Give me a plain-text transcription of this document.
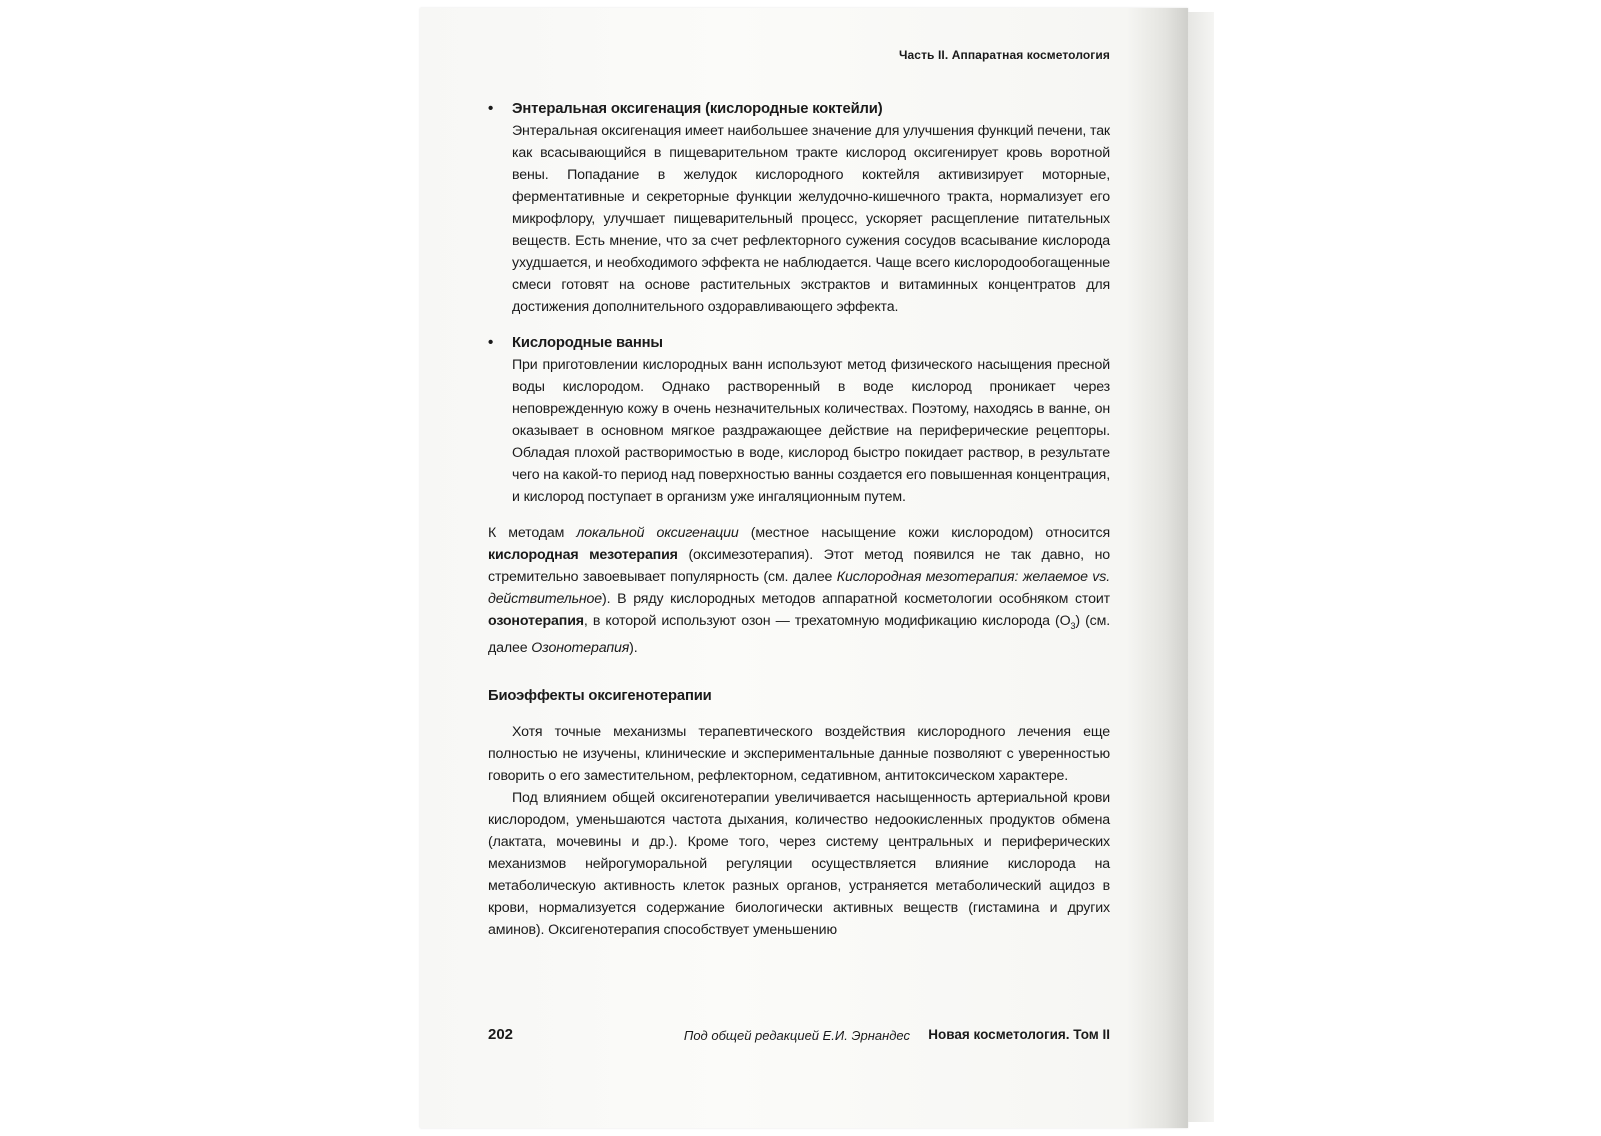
Часть II. Аппаратная косметология
• Энтеральная оксигенация (кислородные коктейли)

Энтеральная оксигенация имеет наибольшее значение для улучшения функций печени, так как всасывающийся в пищеварительном тракте кислород оксигенирует кровь воротной вены. Попадание в желудок кислородного коктейля активизирует моторные, ферментативные и секреторные функции желудочно-кишечного тракта, нормализует его микрофлору, улучшает пищеварительный процесс, ускоряет расщепление питательных веществ. Есть мнение, что за счет рефлекторного сужения сосудов всасывание кислорода ухудшается, и необходимого эффекта не наблюдается. Чаще всего кислородообогащенные смеси готовят на основе растительных экстрактов и витаминных концентратов для достижения дополнительного оздоравливающего эффекта.

• Кислородные ванны

При приготовлении кислородных ванн используют метод физического насыщения пресной воды кислородом. Однако растворенный в воде кислород проникает через неповрежденную кожу в очень незначительных количествах. Поэтому, находясь в ванне, он оказывает в основном мягкое раздражающее действие на периферические рецепторы. Обладая плохой растворимостью в воде, кислород быстро покидает раствор, в результате чего на какой-то период над поверхностью ванны создается его повышенная концентрация, и кислород поступает в организм уже ингаляционным путем.

К методам локальной оксигенации (местное насыщение кожи кислородом) относится кислородная мезотерапия (оксимезотерапия). Этот метод появился не так давно, но стремительно завоевывает популярность (см. далее Кислородная мезотерапия: желаемое vs. действительное). В ряду кислородных методов аппаратной косметологии особняком стоит озонотерапия, в которой используют озон — трехатомную модификацию кислорода $(O_3)$ (см. далее Озонотерапия).

Биоэффекты оксигенотерапии

Хотя точные механизмы терапевтического воздействия кислородного лечения еще полностью не изучены, клинические и экспериментальные данные позволяют с уверенностью говорить о его заместительном, рефлекторном, седативном, антитоксическом характере.

Под влиянием общей оксигенотерапии увеличивается насыщенность артериальной крови кислородом, уменьшаются частота дыхания, количество недоокисленных продуктов обмена (лактата, мочевины и др.). Кроме того, через систему центральных и периферических механизмов нейрогуморальной регуляции осуществляется влияние кислорода на метаболическую активность клеток разных органов, устраняется метаболический ацидоз в крови, нормализуется содержание биологически активных веществ (гистамина и других аминов). Оксигенотерапия способствует уменьшению

202	Под общей редакцией Е.И. Эрнандес Новая косметология. Том II
